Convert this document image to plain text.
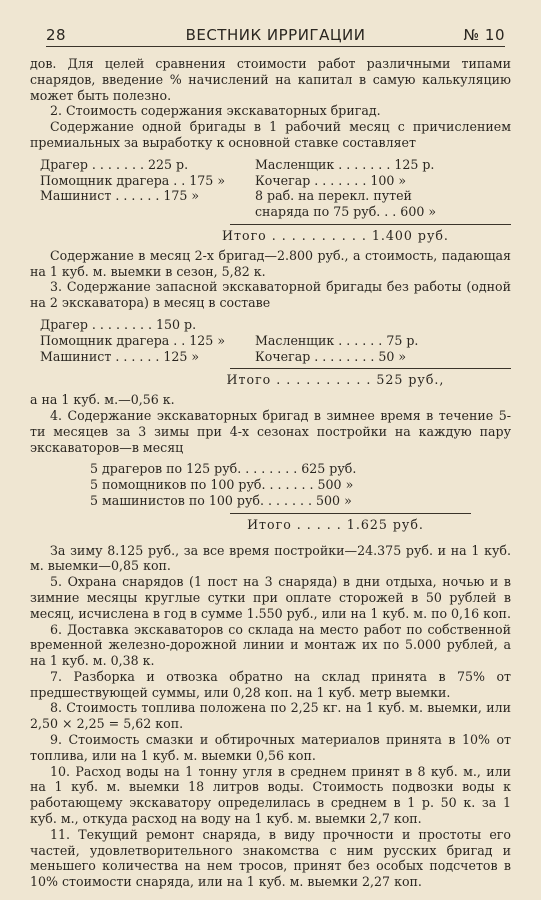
28	ВЕСТНИК ИРРИГАЦИИ	№ 10

дов. Для целей сравнения стоимости работ различными типами снарядов, введение % начислений на капитал в самую калькуляцию может быть полезно.

2. Стоимость содержания экскаваторных бригад.

Содержание одной бригады в 1 рабочий месяц с причислением премиальных за выработку к основной ставке составляет

Драгер . . . . . . . 225 р.	Масленщик . . . . . . . 125 р.
Помощник драгера . . 175 »	Кочегар . . . . . . . 100 »
Машинист . . . . . . 175 »	8 раб. на перекл. путей
снаряда по 75 руб. . . 600 »
Итого . . . . . . . . . . 1.400 руб.

Содержание в месяц 2-х бригад—2.800 руб., а стоимость, падающая на 1 куб. м. выемки в сезон, 5,82 к.

3. Содержание запасной экскаваторной бригады без работы (одной на 2 экскаватора) в месяц в составе

Драгер . . . . . . . . 150 р.
Помощник драгера . . 125 »	Масленщик . . . . . . 75 р.
Машинист . . . . . . 125 »	Кочегар . . . . . . . . 50 »
Итого . . . . . . . . . . 525 руб.,

а на 1 куб. м.—0,56 к.

4. Содержание экскаваторных бригад в зимнее время в течение 5-ти месяцев за 3 зимы при 4-х сезонах постройки на каждую пару экскаваторов—в месяц

5 драгеров по 125 руб. . . . . . . . 625 руб.
5 помощников по 100 руб. . . . . . . 500 »
5 машинистов по 100 руб. . . . . . . 500 »
Итого . . . . . 1.625 руб.

За зиму 8.125 руб., за все время постройки—24.375 руб. и на 1 куб. м. выемки—0,85 коп.

5. Охрана снарядов (1 пост на 3 снаряда) в дни отдыха, ночью и в зимние месяцы круглые сутки при оплате сторожей в 50 рублей в месяц, исчислена в год в сумме 1.550 руб., или на 1 куб. м. по 0,16 коп.

6. Доставка экскаваторов со склада на место работ по собственной временной железно-дорожной линии и монтаж их по 5.000 рублей, а на 1 куб. м. 0,38 к.

7. Разборка и отвозка обратно на склад принята в 75% от предшествующей суммы, или 0,28 коп. на 1 куб. метр выемки.

8. Стоимость топлива положена по 2,25 кг. на 1 куб. м. выемки, или 2,50 × 2,25 = 5,62 коп.

9. Стоимость смазки и обтирочных материалов принята в 10% от топлива, или на 1 куб. м. выемки 0,56 коп.

10. Расход воды на 1 тонну угля в среднем принят в 8 куб. м., или на 1 куб. м. выемки 18 литров воды. Стоимость подвозки воды к работающему экскаватору определилась в среднем в 1 р. 50 к. за 1 куб. м., откуда расход на воду на 1 куб. м. выемки 2,7 коп.

11. Текущий ремонт снаряда, в виду прочности и простоты его частей, удовлетворительного знакомства с ним русских бригад и меньшего количества на нем тросов, принят без особых подсчетов в 10% стоимости снаряда, или на 1 куб. м. выемки 2,27 коп.
